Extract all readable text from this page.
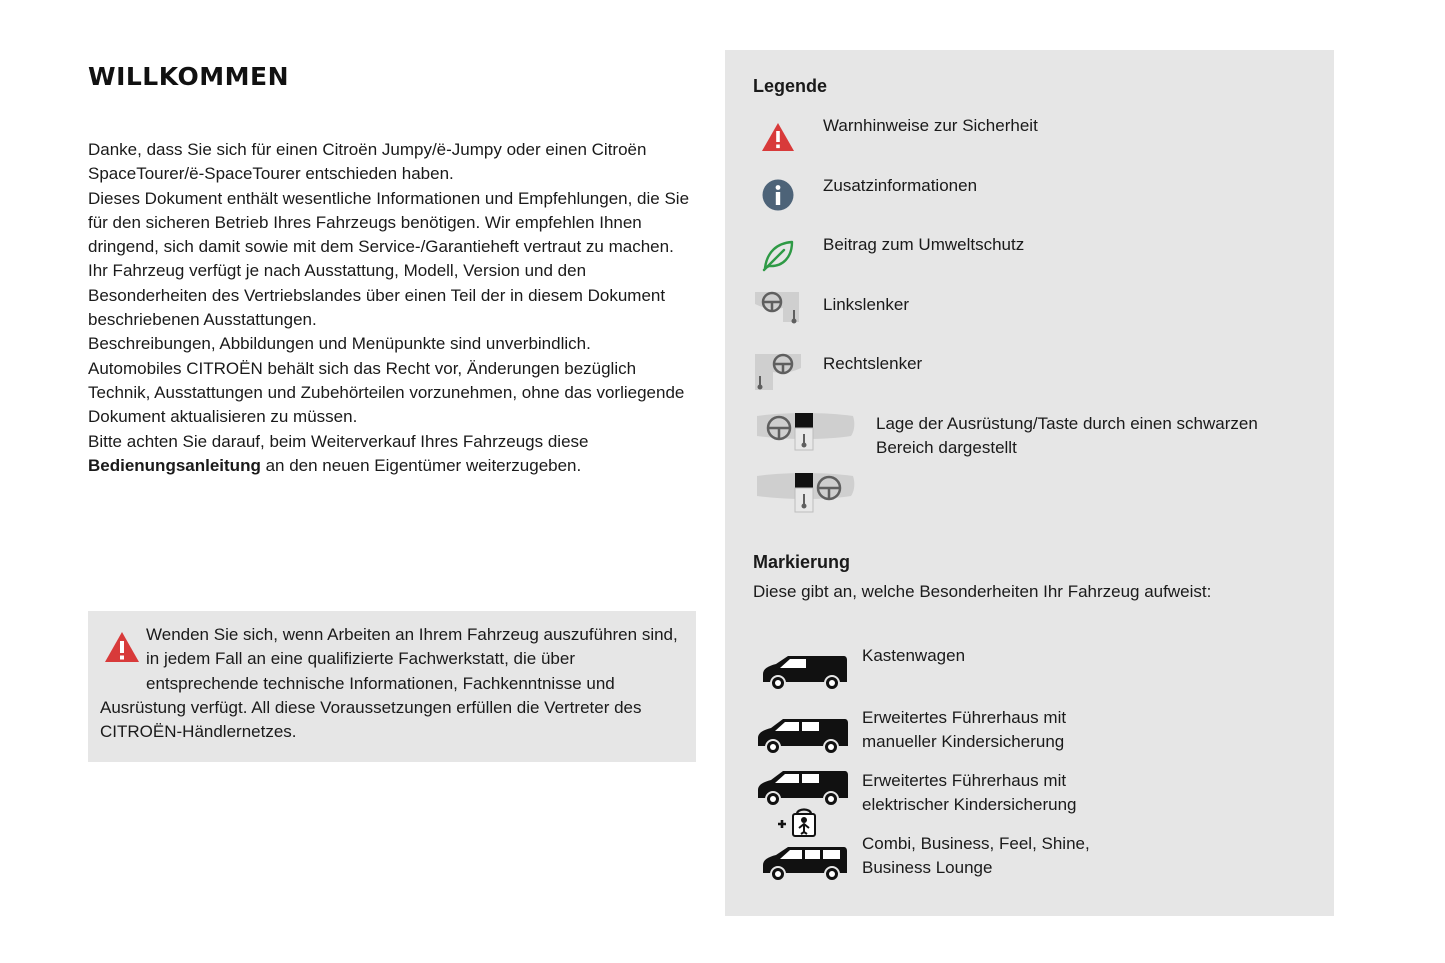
WILLKOMMEN

Danke, dass Sie sich für einen Citroën Jumpy/ë-Jumpy oder einen Citroën SpaceTourer/ë-SpaceTourer entschieden haben.

Dieses Dokument enthält wesentliche Informationen und Empfehlungen, die Sie für den sicheren Betrieb Ihres Fahrzeugs benötigen. Wir empfehlen Ihnen dringend, sich damit sowie mit dem Service-/Garantieheft vertraut zu machen.

Ihr Fahrzeug verfügt je nach Ausstattung, Modell, Version und den Besonderheiten des Vertriebslandes über einen Teil der in diesem Dokument beschriebenen Ausstattungen.

Beschreibungen, Abbildungen und Menüpunkte sind unverbindlich.

Automobiles CITROËN behält sich das Recht vor, Änderungen bezüglich Technik, Ausstattungen und Zubehörteilen vorzunehmen, ohne das vorliegende Dokument aktualisieren zu müssen.

Bitte achten Sie darauf, beim Weiterverkauf Ihres Fahrzeugs diese Bedienungsanleitung an den neuen Eigentümer weiterzugeben.

Wenden Sie sich, wenn Arbeiten an Ihrem Fahrzeug auszuführen sind, in jedem Fall an eine qualifizierte Fachwerkstatt, die über entsprechende technische Informationen, Fachkenntnisse und Ausrüstung verfügt. All diese Voraussetzungen erfüllen die Vertreter des CITROËN-Händlernetzes.
Legende
Warnhinweise zur Sicherheit
Zusatzinformationen
Beitrag zum Umweltschutz
Linkslenker
Rechtslenker
Lage der Ausrüstung/Taste durch einen schwarzen Bereich dargestellt
Markierung
Diese gibt an, welche Besonderheiten Ihr Fahrzeug aufweist:
Kastenwagen
Erweitertes Führerhaus mit
manueller Kindersicherung
Erweitertes Führerhaus mit
elektrischer Kindersicherung
Combi, Business, Feel, Shine,
Business Lounge
